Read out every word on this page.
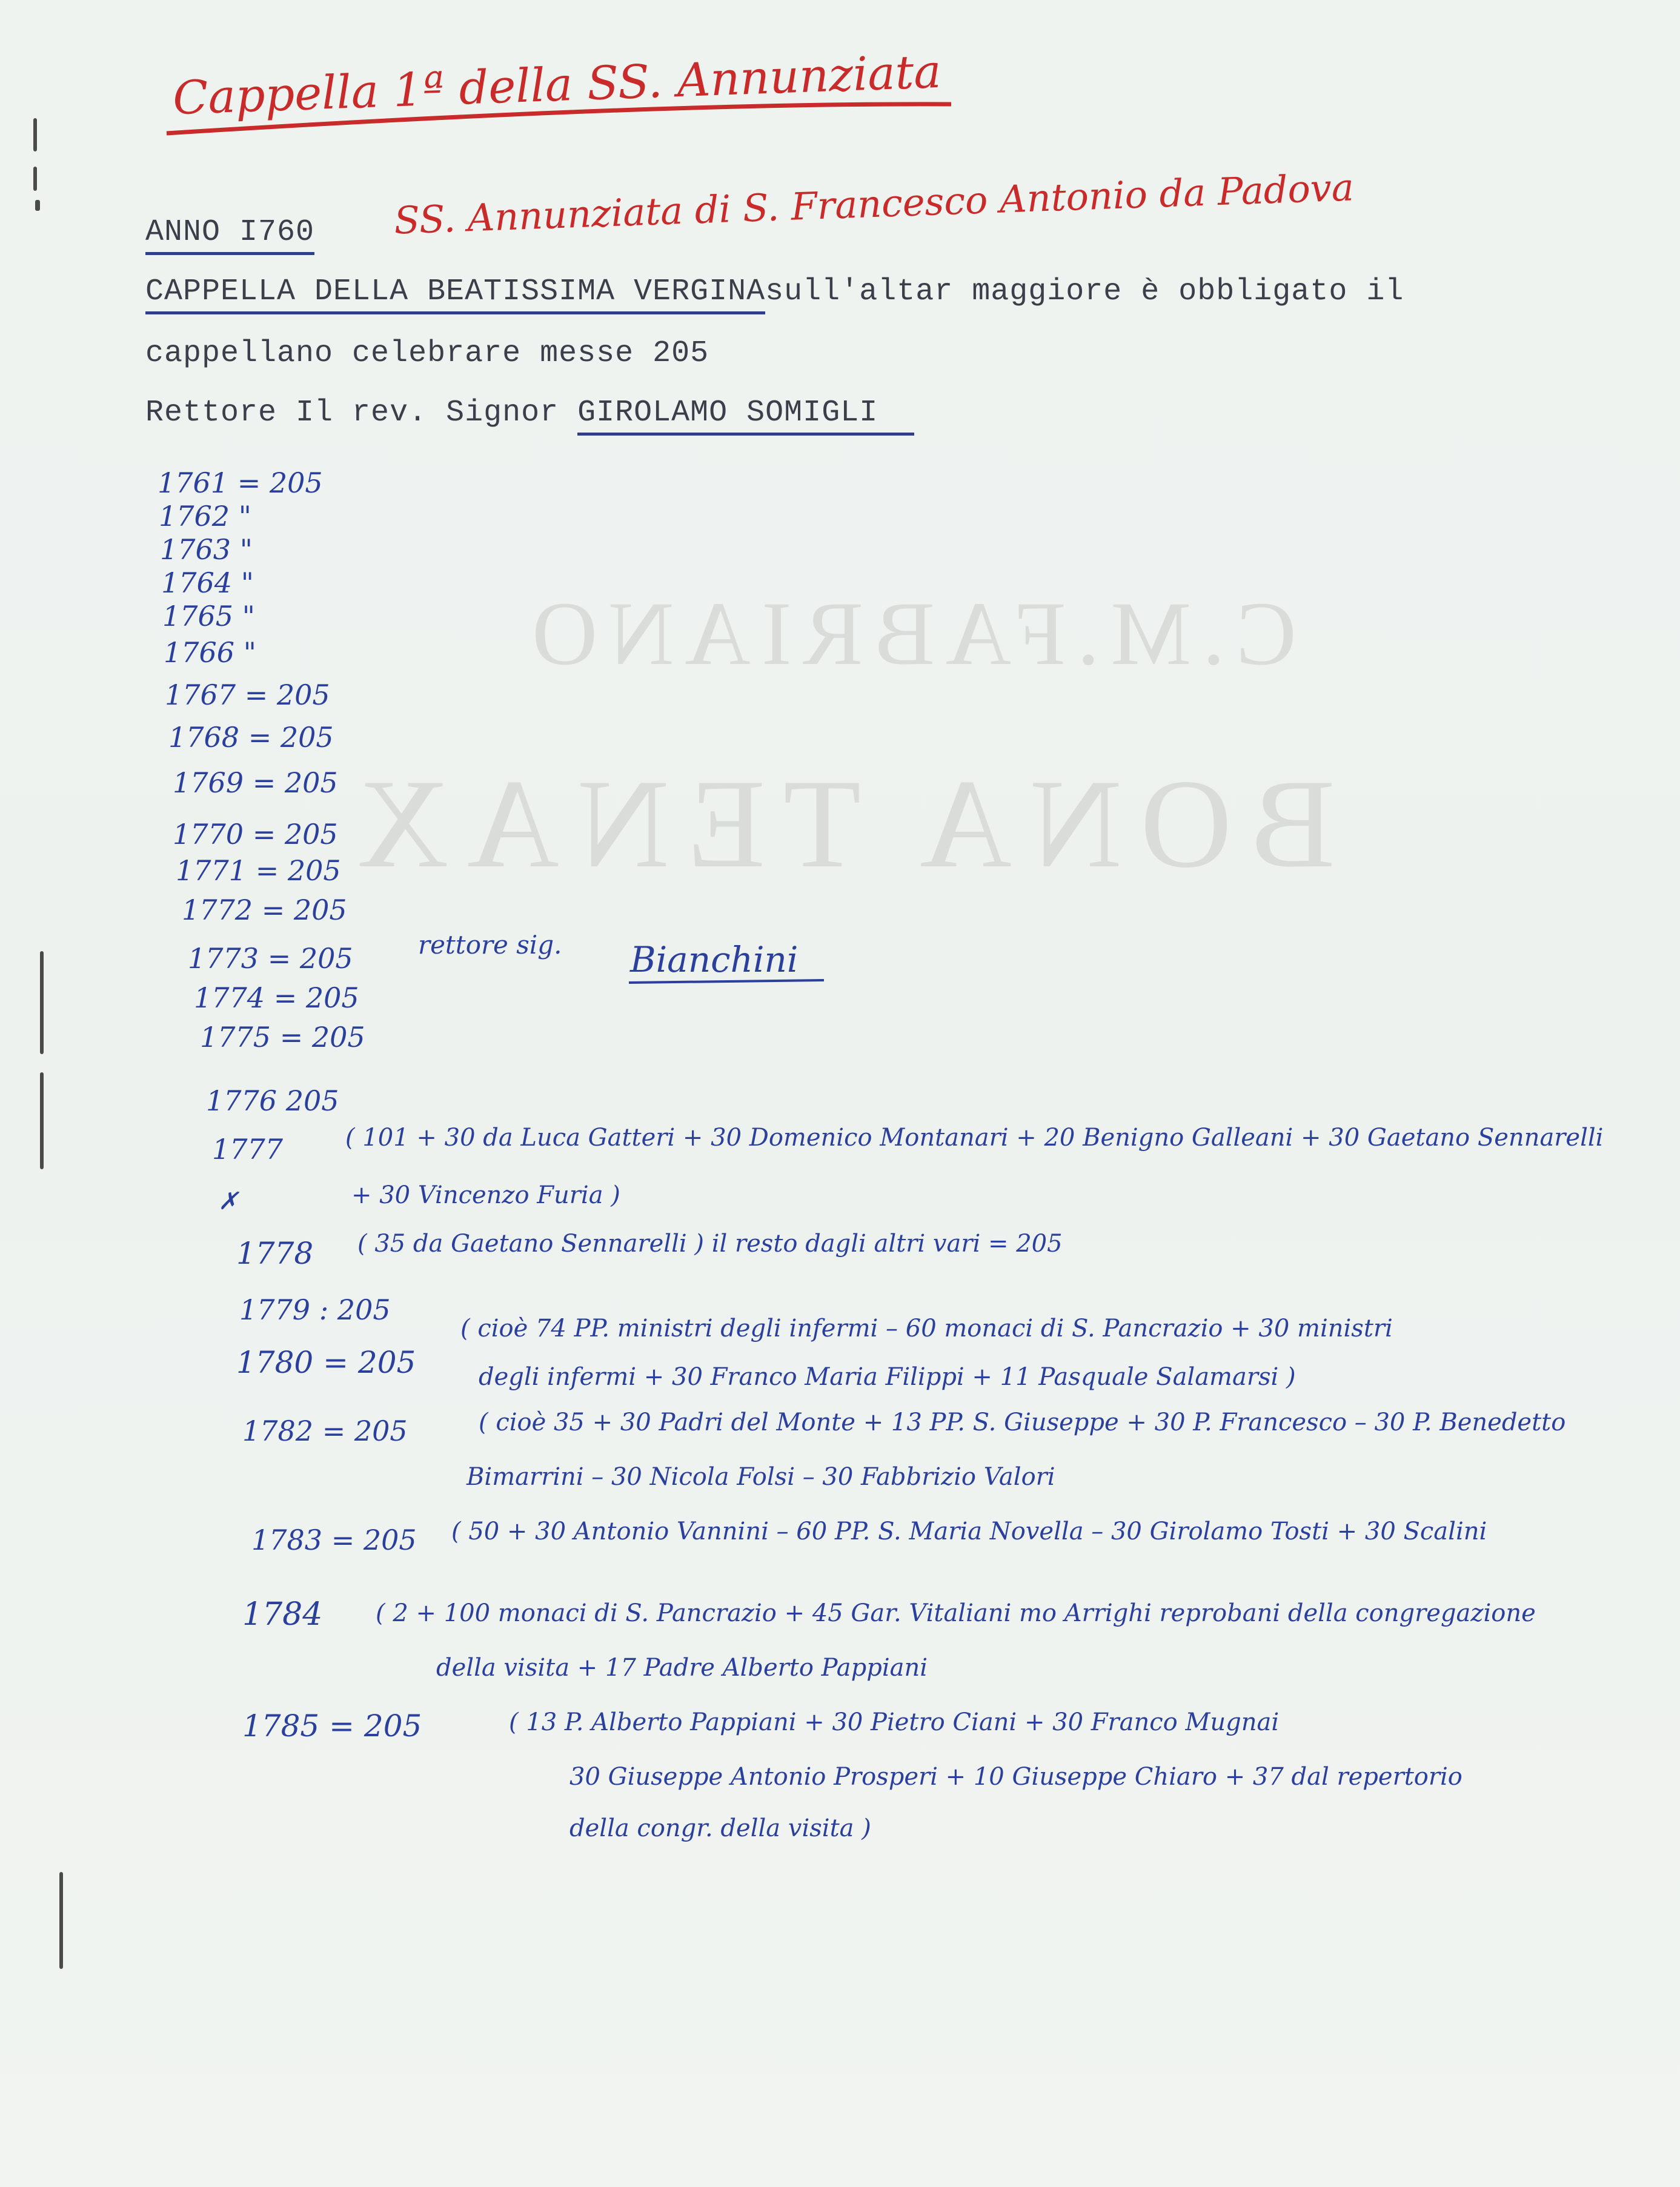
C.M.FABRIANO
BONA TENAX
Cappella 1ª della SS. Annunziata
SS. Annunziata di S. Francesco Antonio da Padova
ANNO I760
CAPPELLA DELLA BEATISSIMA VERGINAsull'altar maggiore è obbligato il
cappellano celebrare messe 205
Rettore Il rev. Signor GIROLAMO SOMIGLI
1761 = 205
1762 "
1763 "
1764 "
1765 "
1766 "
1767 = 205
1768 = 205
1769 = 205
1770 = 205
1771 = 205
1772 = 205
1773 = 205
1774 = 205
1775 = 205
1776 205
rettore sig. Bianchini
1777	( 101 + 30 da Luca Gatteri + 30 Domenico Montanari + 20 Benigno Galleani + 30 Gaetano Sennarelli
+ 30 Vincenzo Furia )
✗
1778 ( 35 da Gaetano Sennarelli ) il resto dagli altri vari = 205
1779 : 205
1780 = 205
( cioè 74 PP. ministri degli infermi – 60 monaci di S. Pancrazio + 30 ministri
degli infermi + 30 Franco Maria Filippi + 11 Pasquale Salamarsi )
1782 = 205	( cioè 35 + 30 Padri del Monte + 13 PP. S. Giuseppe + 30 P. Francesco – 30 P. Benedetto
Bimarrini – 30 Nicola Folsi – 30 Fabbrizio Valori
1783 = 205 ( 50 + 30 Antonio Vannini – 60 PP. S. Maria Novella – 30 Girolamo Tosti + 30 Scalini
1784 ( 2 + 100 monaci di S. Pancrazio + 45 Gar. Vitaliani mo Arrighi reprobani della congregazione
della visita + 17 Padre Alberto Pappiani
1785 = 205	( 13 P. Alberto Pappiani + 30 Pietro Ciani + 30 Franco Mugnai
30 Giuseppe Antonio Prosperi + 10 Giuseppe Chiaro + 37 dal repertorio
della congr. della visita )
